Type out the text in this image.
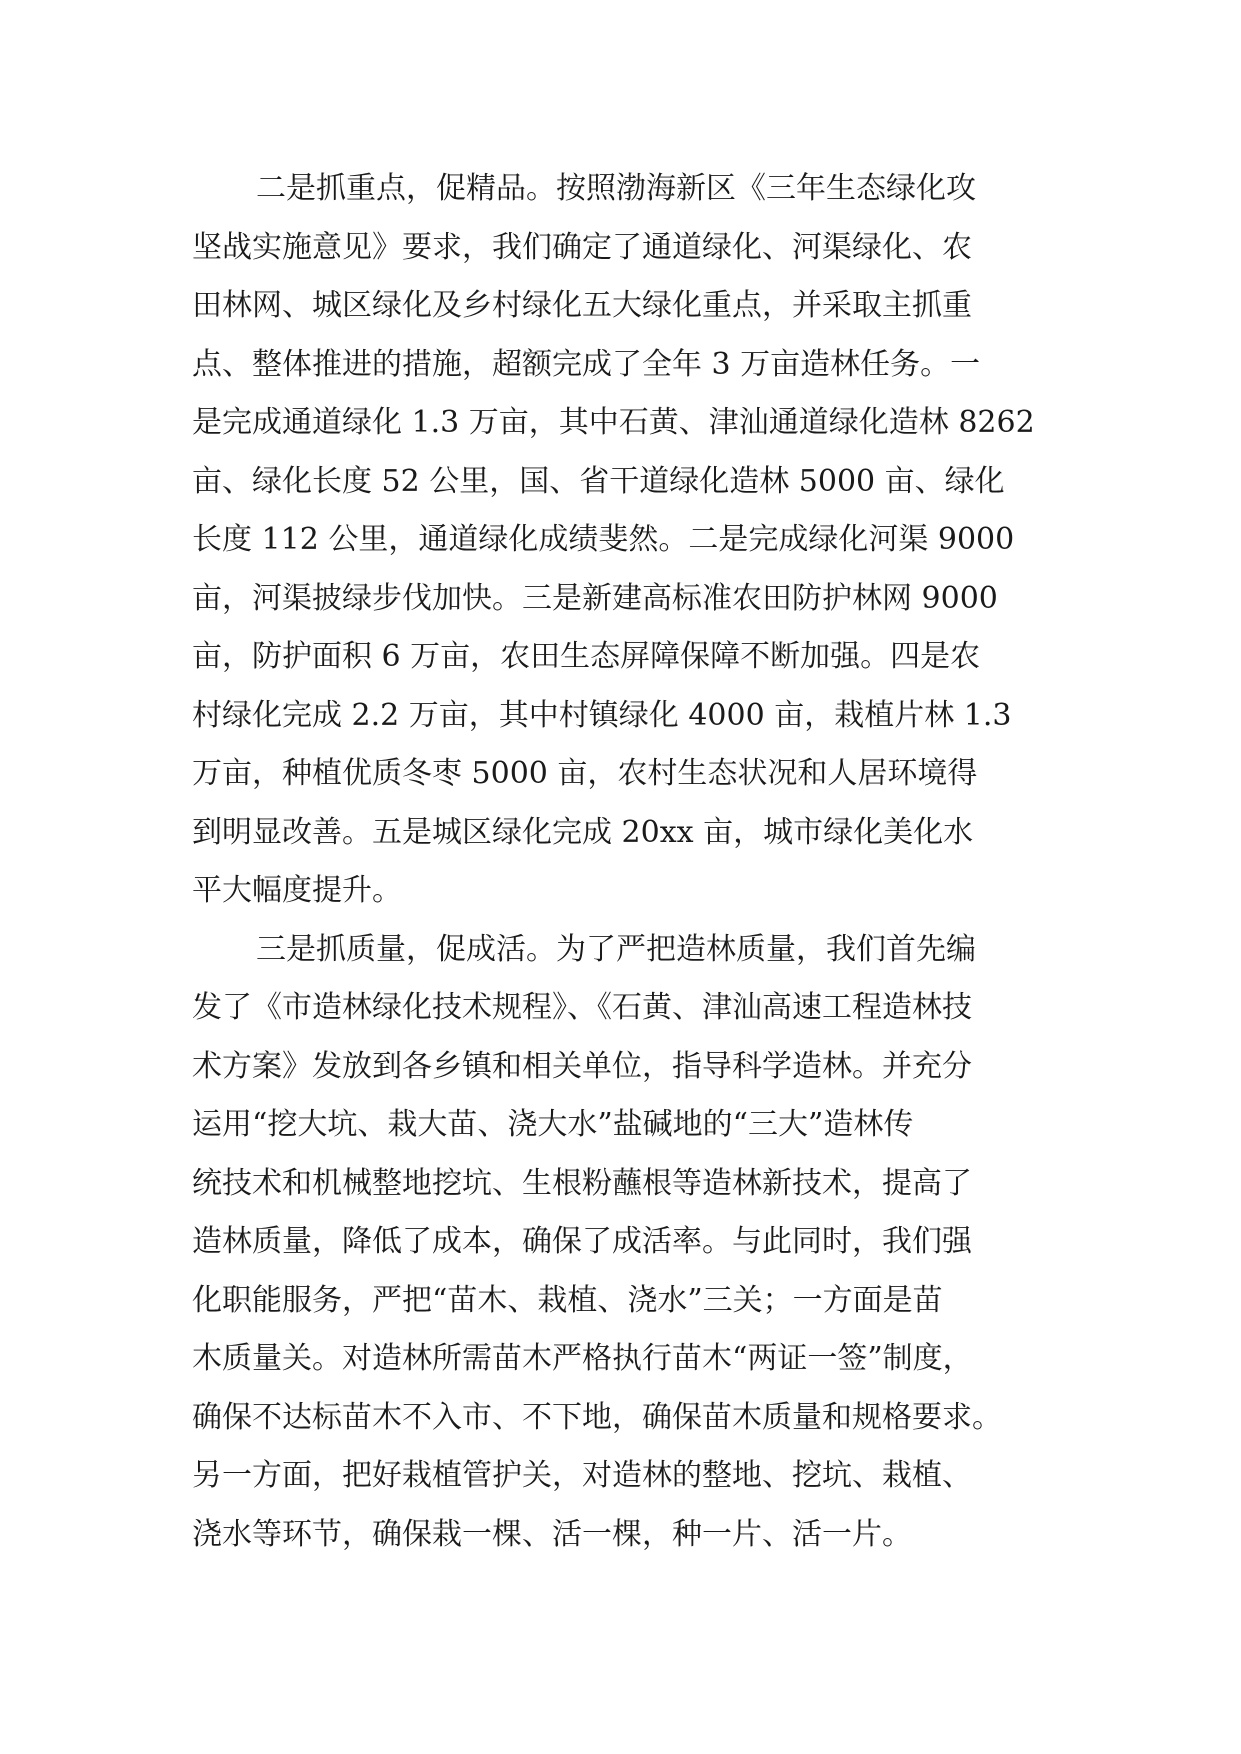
二是抓重点，促精品。按照渤海新区《三年生态绿化攻
坚战实施意见》要求，我们确定了通道绿化、河渠绿化、农
田林网、城区绿化及乡村绿化五大绿化重点，并采取主抓重
点、整体推进的措施，超额完成了全年 3 万亩造林任务。一
是完成通道绿化 1.3 万亩，其中石黄、津汕通道绿化造林 8262
亩、绿化长度 52 公里，国、省干道绿化造林 5000 亩、绿化
长度 112 公里，通道绿化成绩斐然。二是完成绿化河渠 9000
亩，河渠披绿步伐加快。三是新建高标准农田防护林网 9000
亩，防护面积 6 万亩，农田生态屏障保障不断加强。四是农
村绿化完成 2.2 万亩，其中村镇绿化 4000 亩，栽植片林 1.3
万亩，种植优质冬枣 5000 亩，农村生态状况和人居环境得
到明显改善。五是城区绿化完成 20xx 亩，城市绿化美化水
平大幅度提升。
三是抓质量，促成活。为了严把造林质量，我们首先编
发了《市造林绿化技术规程》、《石黄、津汕高速工程造林技
术方案》发放到各乡镇和相关单位，指导科学造林。并充分
运用“挖大坑、栽大苗、浇大水”盐碱地的“三大”造林传
统技术和机械整地挖坑、生根粉蘸根等造林新技术，提高了
造林质量，降低了成本，确保了成活率。与此同时，我们强
化职能服务，严把“苗木、栽植、浇水”三关；一方面是苗
木质量关。对造林所需苗木严格执行苗木“两证一签”制度，
确保不达标苗木不入市、不下地，确保苗木质量和规格要求。
另一方面，把好栽植管护关，对造林的整地、挖坑、栽植、
浇水等环节，确保栽一棵、活一棵，种一片、活一片。
